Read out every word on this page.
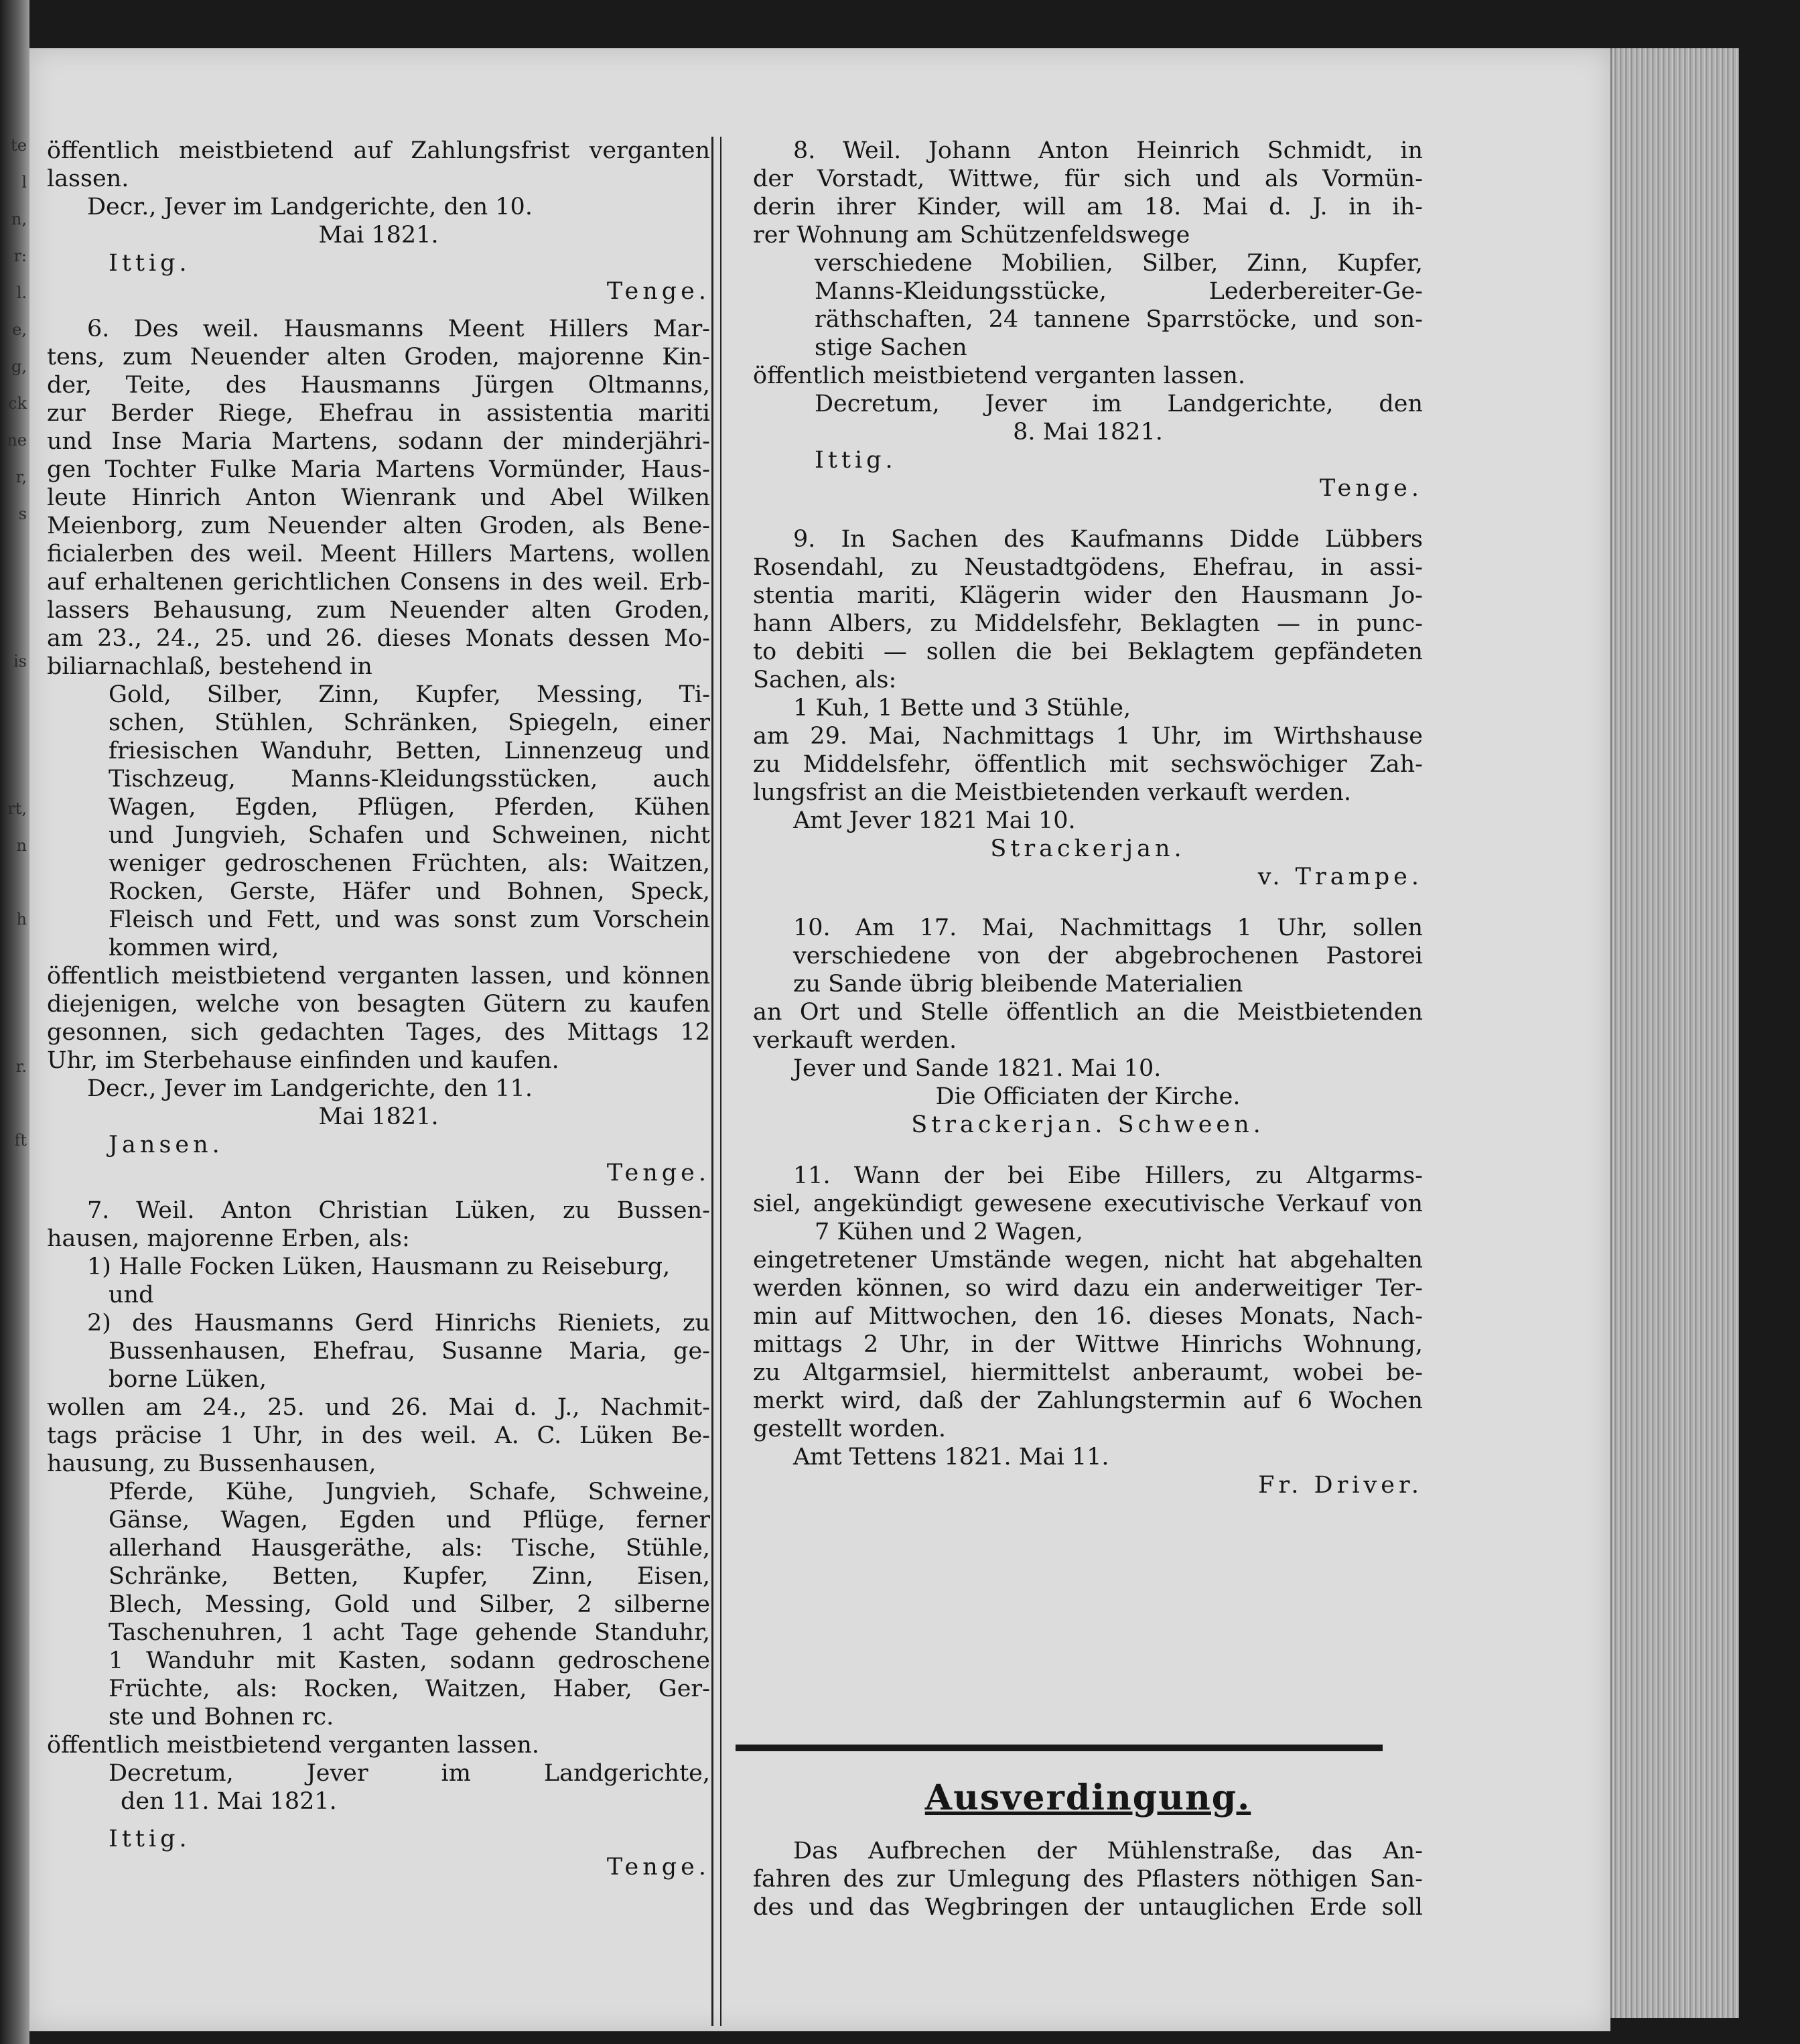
te
l
n,
r:
l.
e,
g,
ck
ne
r,
s
is
rt,
n
h
r.
ft
öffentlich meistbietend auf Zahlungsfrist verganten
lassen.
Decr., Jever im Landgerichte, den 10.
Mai 1821.
Ittig.
Tenge.
6. Des weil. Hausmanns Meent Hillers Mar-
tens, zum Neuender alten Groden, majorenne Kin-
der, Teite, des Hausmanns Jürgen Oltmanns,
zur Berder Riege, Ehefrau in assistentia mariti
und Inse Maria Martens, sodann der minderjähri-
gen Tochter Fulke Maria Martens Vormünder, Haus-
leute Hinrich Anton Wienrank und Abel Wilken
Meienborg, zum Neuender alten Groden, als Bene-
ficialerben des weil. Meent Hillers Martens, wollen
auf erhaltenen gerichtlichen Consens in des weil. Erb-
lassers Behausung, zum Neuender alten Groden,
am 23., 24., 25. und 26. dieses Monats dessen Mo-
biliarnachlaß, bestehend in
Gold, Silber, Zinn, Kupfer, Messing, Ti-
schen, Stühlen, Schränken, Spiegeln, einer
friesischen Wanduhr, Betten, Linnenzeug und
Tischzeug, Manns-Kleidungsstücken, auch
Wagen, Egden, Pflügen, Pferden, Kühen
und Jungvieh, Schafen und Schweinen, nicht
weniger gedroschenen Früchten, als: Waitzen,
Rocken, Gerste, Häfer und Bohnen, Speck,
Fleisch und Fett, und was sonst zum Vorschein
kommen wird,
öffentlich meistbietend verganten lassen, und können
diejenigen, welche von besagten Gütern zu kaufen
gesonnen, sich gedachten Tages, des Mittags 12
Uhr, im Sterbehause einfinden und kaufen.
Decr., Jever im Landgerichte, den 11.
Mai 1821.
Jansen.
Tenge.
7. Weil. Anton Christian Lüken, zu Bussen-
hausen, majorenne Erben, als:
1) Halle Focken Lüken, Hausmann zu Reiseburg,
und
2) des Hausmanns Gerd Hinrichs Rieniets, zu
Bussenhausen, Ehefrau, Susanne Maria, ge-
borne Lüken,
wollen am 24., 25. und 26. Mai d. J., Nachmit-
tags präcise 1 Uhr, in des weil. A. C. Lüken Be-
hausung, zu Bussenhausen,
Pferde, Kühe, Jungvieh, Schafe, Schweine,
Gänse, Wagen, Egden und Pflüge, ferner
allerhand Hausgeräthe, als: Tische, Stühle,
Schränke, Betten, Kupfer, Zinn, Eisen,
Blech, Messing, Gold und Silber, 2 silberne
Taschenuhren, 1 acht Tage gehende Standuhr,
1 Wanduhr mit Kasten, sodann gedroschene
Früchte, als: Rocken, Waitzen, Haber, Ger-
ste und Bohnen rc.
öffentlich meistbietend verganten lassen.
Decretum, Jever im Landgerichte,
den 11. Mai 1821.
Ittig.
Tenge.
8. Weil. Johann Anton Heinrich Schmidt, in
der Vorstadt, Wittwe, für sich und als Vormün-
derin ihrer Kinder, will am 18. Mai d. J. in ih-
rer Wohnung am Schützenfeldswege
verschiedene Mobilien, Silber, Zinn, Kupfer,
Manns-Kleidungsstücke, Lederbereiter-Ge-
räthschaften, 24 tannene Sparrstöcke, und son-
stige Sachen
öffentlich meistbietend verganten lassen.
Decretum, Jever im Landgerichte, den
8. Mai 1821.
Ittig.
Tenge.
9. In Sachen des Kaufmanns Didde Lübbers
Rosendahl, zu Neustadtgödens, Ehefrau, in assi-
stentia mariti, Klägerin wider den Hausmann Jo-
hann Albers, zu Middelsfehr, Beklagten — in punc-
to debiti — sollen die bei Beklagtem gepfändeten
Sachen, als:
1 Kuh, 1 Bette und 3 Stühle,
am 29. Mai, Nachmittags 1 Uhr, im Wirthshause
zu Middelsfehr, öffentlich mit sechswöchiger Zah-
lungsfrist an die Meistbietenden verkauft werden.
Amt Jever 1821 Mai 10.
Strackerjan.
v. Trampe.
10. Am 17. Mai, Nachmittags 1 Uhr, sollen
verschiedene von der abgebrochenen Pastorei
zu Sande übrig bleibende Materialien
an Ort und Stelle öffentlich an die Meistbietenden
verkauft werden.
Jever und Sande 1821. Mai 10.
Die Officiaten der Kirche.
Strackerjan. Schween.
11. Wann der bei Eibe Hillers, zu Altgarms-
siel, angekündigt gewesene executivische Verkauf von
7 Kühen und 2 Wagen,
eingetretener Umstände wegen, nicht hat abgehalten
werden können, so wird dazu ein anderweitiger Ter-
min auf Mittwochen, den 16. dieses Monats, Nach-
mittags 2 Uhr, in der Wittwe Hinrichs Wohnung,
zu Altgarmsiel, hiermittelst anberaumt, wobei be-
merkt wird, daß der Zahlungstermin auf 6 Wochen
gestellt worden.
Amt Tettens 1821. Mai 11.
Fr. Driver.
Ausverdingung.
Das Aufbrechen der Mühlenstraße, das An-
fahren des zur Umlegung des Pflasters nöthigen San-
des und das Wegbringen der untauglichen Erde soll
